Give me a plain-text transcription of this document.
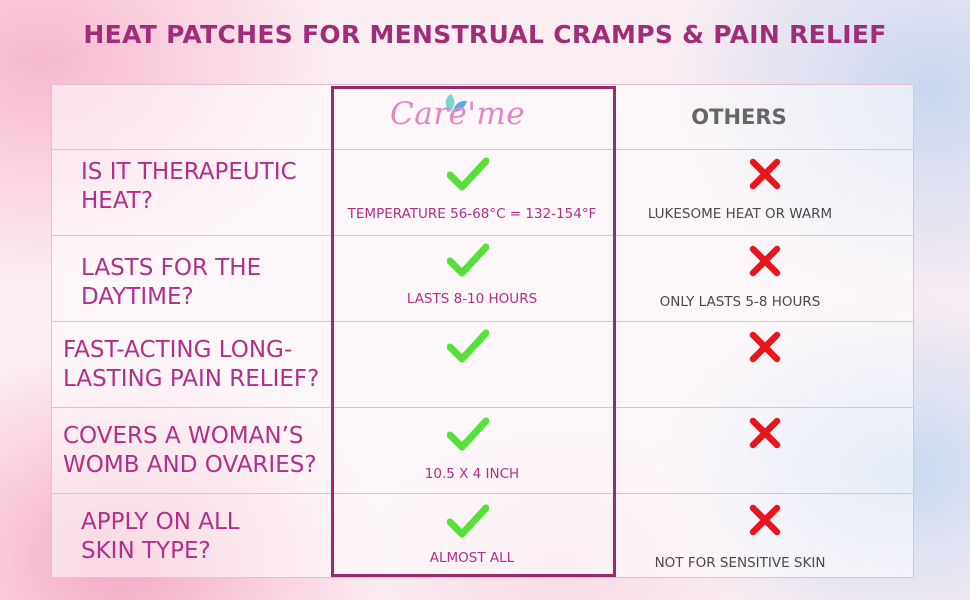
HEAT PATCHES FOR MENSTRUAL CRAMPS & PAIN RELIEF
Care'me	OTHERS
IS IT THERAPEUTIC
HEAT?
LASTS FOR THE
DAYTIME?
FAST-ACTING LONG-
LASTING PAIN RELIEF?
COVERS A WOMAN’S
WOMB AND OVARIES?
APPLY ON ALL
SKIN TYPE?
TEMPERATURE 56-68°C = 132-154°F
LASTS 8-10 HOURS
10.5 X 4 INCH
ALMOST ALL
LUKESOME HEAT OR WARM
ONLY LASTS 5-8 HOURS
NOT FOR SENSITIVE SKIN
